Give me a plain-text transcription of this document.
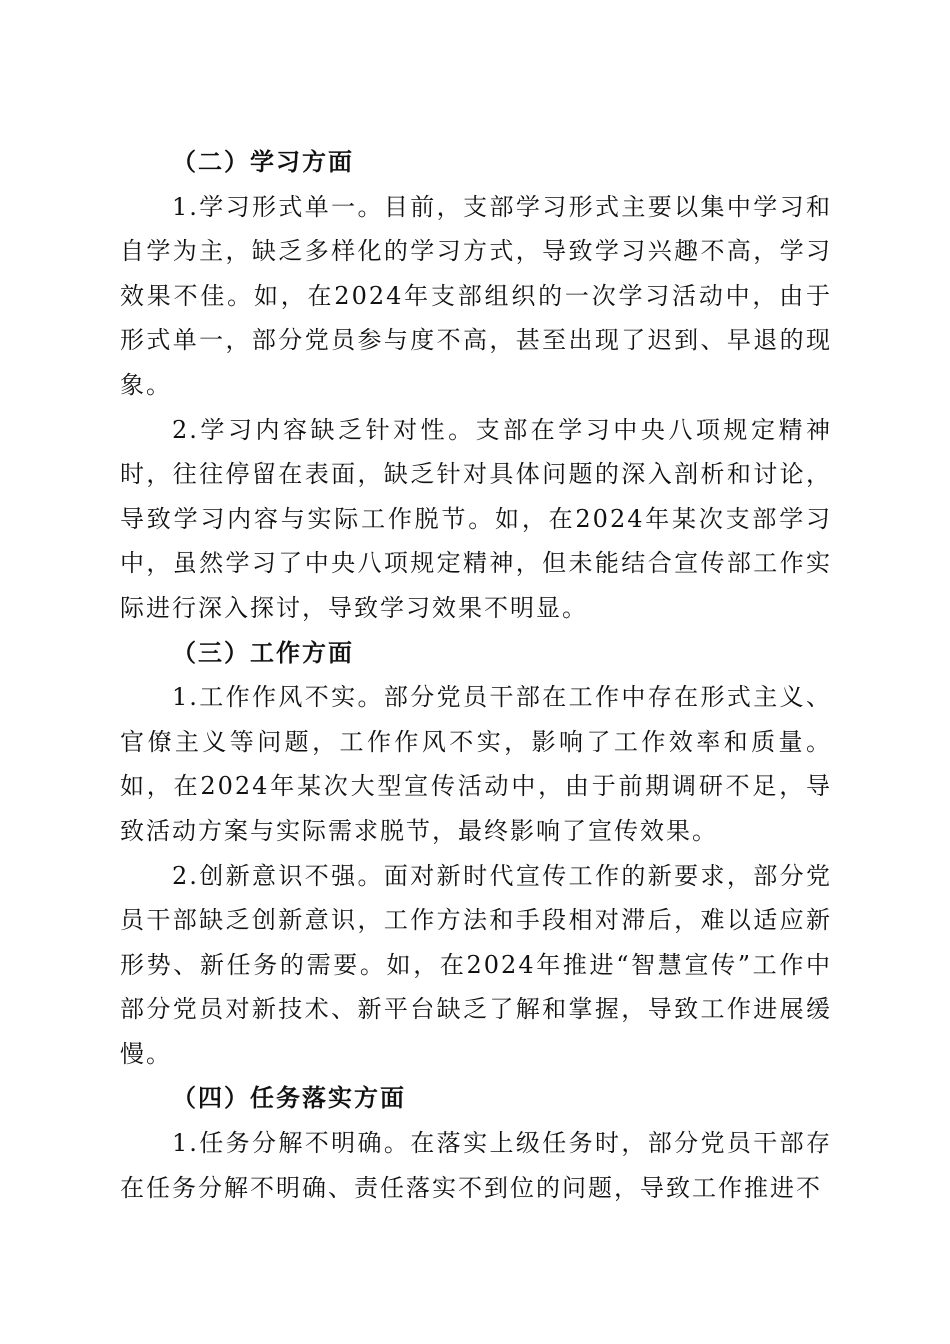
（二）学习方面

1.学习形式单一。目前，支部学习形式主要以集中学习和自学为主，缺乏多样化的学习方式，导致学习兴趣不高，学习效果不佳。如，在2024年支部组织的一次学习活动中，由于形式单一，部分党员参与度不高，甚至出现了迟到、早退的现象。

2.学习内容缺乏针对性。支部在学习中央八项规定精神时，往往停留在表面，缺乏针对具体问题的深入剖析和讨论，导致学习内容与实际工作脱节。如，在2024年某次支部学习中，虽然学习了中央八项规定精神，但未能结合宣传部工作实际进行深入探讨，导致学习效果不明显。

（三）工作方面

1.工作作风不实。部分党员干部在工作中存在形式主义、官僚主义等问题，工作作风不实，影响了工作效率和质量。如，在2024年某次大型宣传活动中，由于前期调研不足，导致活动方案与实际需求脱节，最终影响了宣传效果。

2.创新意识不强。面对新时代宣传工作的新要求，部分党员干部缺乏创新意识，工作方法和手段相对滞后，难以适应新形势、新任务的需要。如，在2024年推进“智慧宣传”工作中部分党员对新技术、新平台缺乏了解和掌握，导致工作进展缓慢。

（四）任务落实方面

1.任务分解不明确。在落实上级任务时，部分党员干部存在任务分解不明确、责任落实不到位的问题，导致工作推进不
